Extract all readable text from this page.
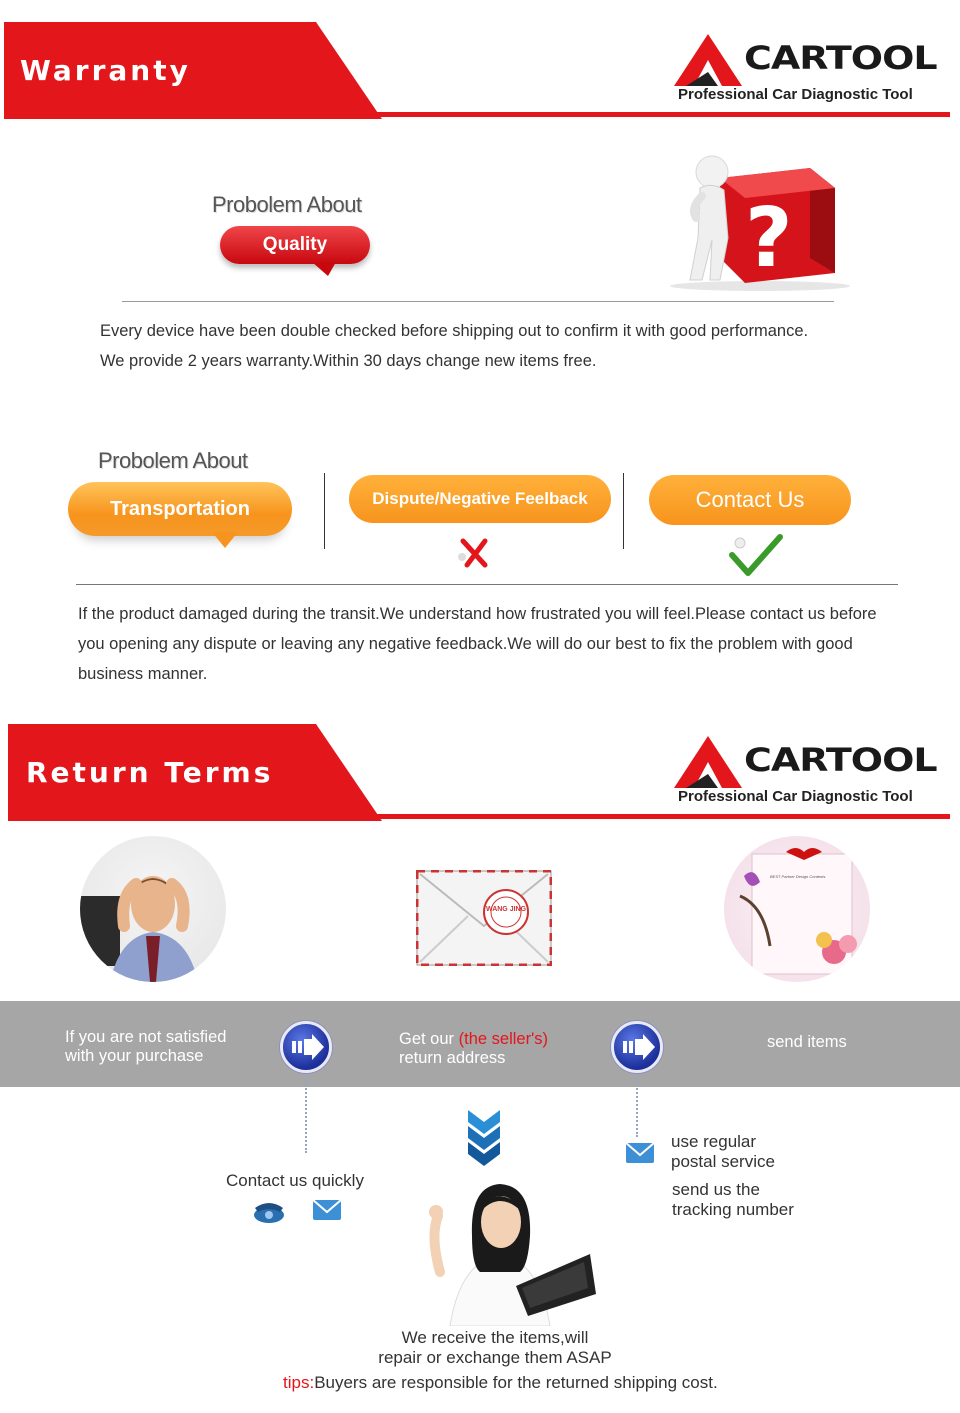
Warranty	CARTOOL
Professional Car Diagnostic Tool
Probolem About
Quality	?
Every device have been double checked before shipping out to confirm it with good performance.
We provide 2 years warranty.Within 30 days change new items free.
Probolem About
Transportation	Dispute/Negative Feelback	Contact Us
If the product damaged during the transit.We understand how frustrated you will feel.Please contact us before you opening any dispute or leaving any negative feedback.We will do our best to fix the problem with good business manner.
Return Terms	CARTOOL
Professional Car Diagnostic Tool
WANG JING
BEST Partner Design Contents
If you are not satisfied
with your purchase
Get our (the seller's)
return address
send items
Contact us quickly
use regular
postal service
send us the
tracking number
We receive the items,will
repair or exchange them ASAP
tips:Buyers are responsible for the returned shipping cost.
